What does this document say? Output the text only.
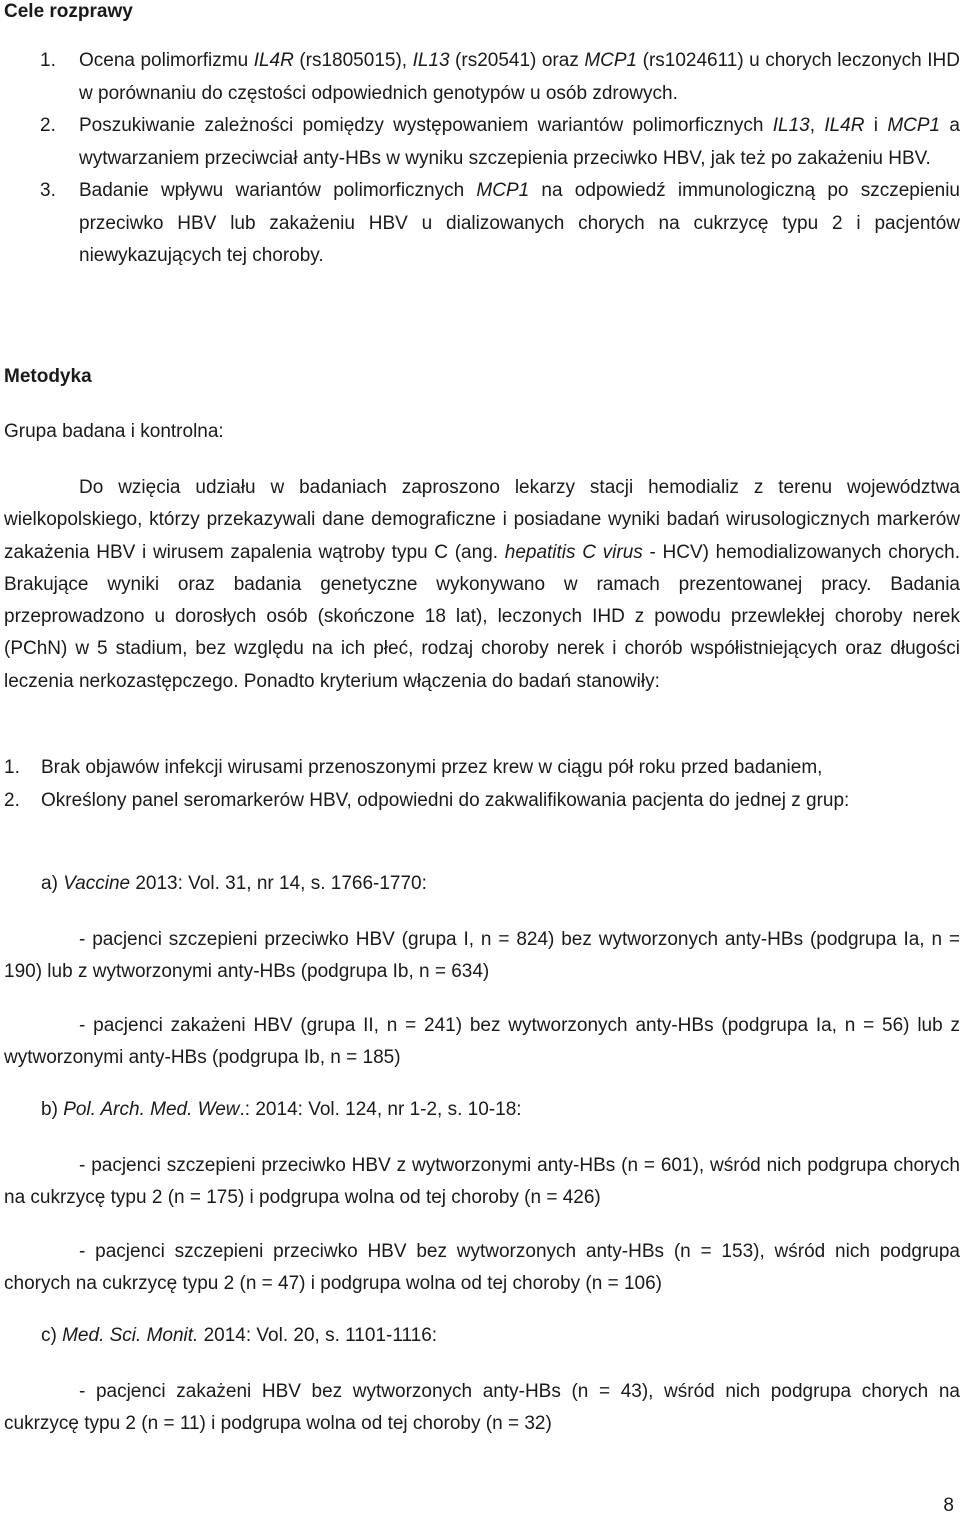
Cele rozprawy
1. Ocena polimorfizmu IL4R (rs1805015), IL13 (rs20541) oraz MCP1 (rs1024611) u chorych leczonych IHD w porównaniu do częstości odpowiednich genotypów u osób zdrowych.
2. Poszukiwanie zależności pomiędzy występowaniem wariantów polimorficznych IL13, IL4R i MCP1 a wytwarzaniem przeciwciał anty-HBs w wyniku szczepienia przeciwko HBV, jak też po zakażeniu HBV.
3. Badanie wpływu wariantów polimorficznych MCP1 na odpowiedź immunologiczną po szczepieniu przeciwko HBV lub zakażeniu HBV u dializowanych chorych na cukrzycę typu 2 i pacjentów niewykazujących tej choroby.
Metodyka
Grupa badana i kontrolna:

Do wzięcia udziału w badaniach zaproszono lekarzy stacji hemodializ z terenu województwa wielkopolskiego, którzy przekazywali dane demograficzne i posiadane wyniki badań wirusologicznych markerów zakażenia HBV i wirusem zapalenia wątroby typu C (ang. hepatitis C virus - HCV) hemodializowanych chorych. Brakujące wyniki oraz badania genetyczne wykonywano w ramach prezentowanej pracy. Badania przeprowadzono u dorosłych osób (skończone 18 lat), leczonych IHD z powodu przewlekłej choroby nerek (PChN) w 5 stadium, bez względu na ich płeć, rodzaj choroby nerek i chorób współistniejących oraz długości leczenia nerkozastępczego. Ponadto kryterium włączenia do badań stanowiły:

1. Brak objawów infekcji wirusami przenoszonymi przez krew w ciągu pół roku przed badaniem,
2. Określony panel seromarkerów HBV, odpowiedni do zakwalifikowania pacjenta do jednej z grup:
a) Vaccine 2013: Vol. 31, nr 14, s. 1766-1770:

- pacjenci szczepieni przeciwko HBV (grupa I, n = 824) bez wytworzonych anty-HBs (podgrupa Ia, n = 190) lub z wytworzonymi anty-HBs (podgrupa Ib, n = 634)

- pacjenci zakażeni HBV (grupa II, n = 241) bez wytworzonych anty-HBs (podgrupa Ia, n = 56) lub z wytworzonymi anty-HBs (podgrupa Ib, n = 185)

b) Pol. Arch. Med. Wew.: 2014: Vol. 124, nr 1-2, s. 10-18:

- pacjenci szczepieni przeciwko HBV z wytworzonymi anty-HBs (n = 601), wśród nich podgrupa chorych na cukrzycę typu 2 (n = 175) i podgrupa wolna od tej choroby (n = 426)

- pacjenci szczepieni przeciwko HBV bez wytworzonych anty-HBs (n = 153), wśród nich podgrupa chorych na cukrzycę typu 2 (n = 47) i podgrupa wolna od tej choroby (n = 106)

c) Med. Sci. Monit. 2014: Vol. 20, s. 1101-1116:

- pacjenci zakażeni HBV bez wytworzonych anty-HBs (n = 43), wśród nich podgrupa chorych na cukrzycę typu 2 (n = 11) i podgrupa wolna od tej choroby (n = 32)

8
